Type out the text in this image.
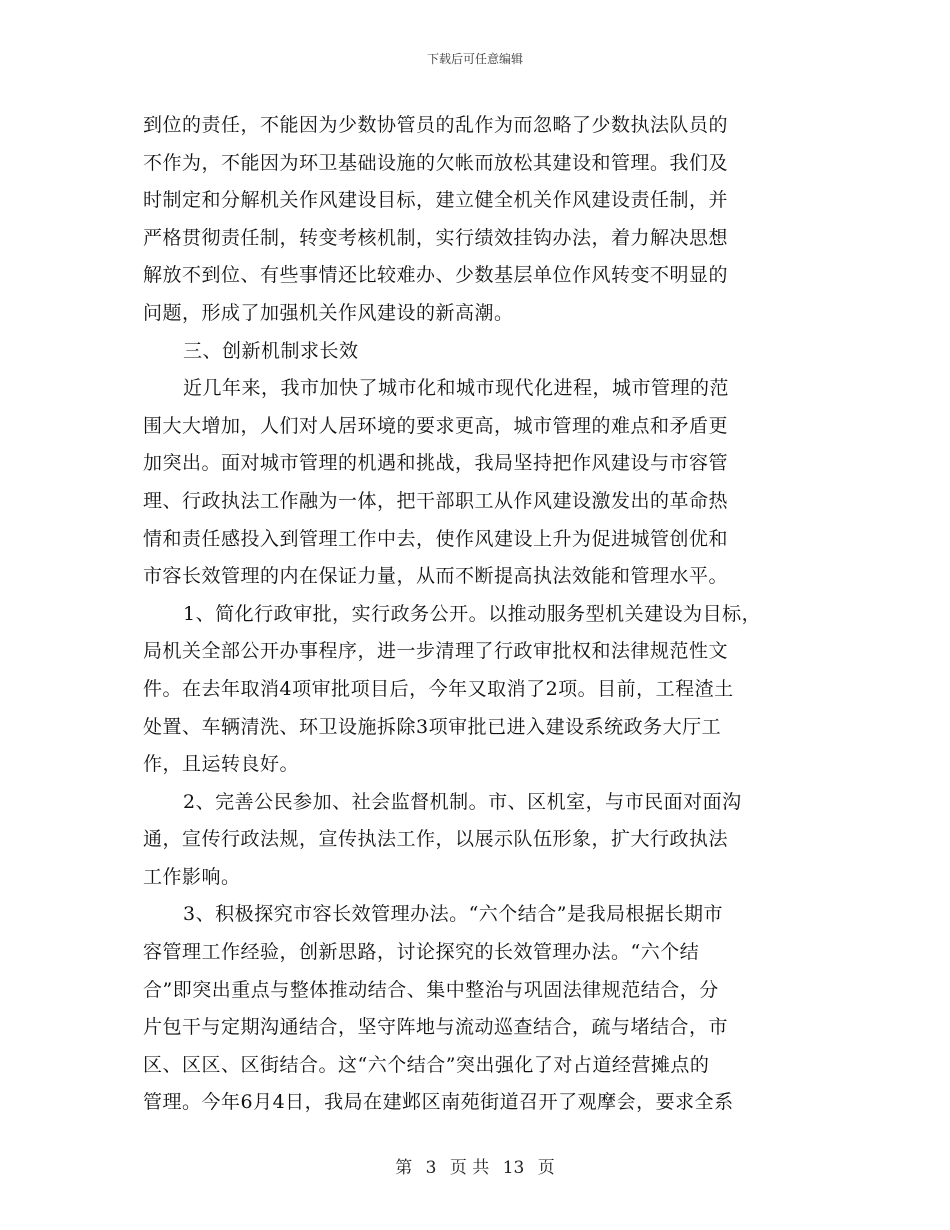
下载后可任意编辑
到位的责任，不能因为少数协管员的乱作为而忽略了少数执法队员的
不作为，不能因为环卫基础设施的欠帐而放松其建设和管理。我们及
时制定和分解机关作风建设目标，建立健全机关作风建设责任制，并
严格贯彻责任制，转变考核机制，实行绩效挂钩办法，着力解决思想
解放不到位、有些事情还比较难办、少数基层单位作风转变不明显的
问题，形成了加强机关作风建设的新高潮。
三、创新机制求长效
近几年来，我市加快了城市化和城市现代化进程，城市管理的范
围大大增加，人们对人居环境的要求更高，城市管理的难点和矛盾更
加突出。面对城市管理的机遇和挑战，我局坚持把作风建设与市容管
理、行政执法工作融为一体，把干部职工从作风建设激发出的革命热
情和责任感投入到管理工作中去，使作风建设上升为促进城管创优和
市容长效管理的内在保证力量，从而不断提高执法效能和管理水平。
1、简化行政审批，实行政务公开。以推动服务型机关建设为目标，
局机关全部公开办事程序，进一步清理了行政审批权和法律规范性文
件。在去年取消4项审批项目后，今年又取消了2项。目前，工程渣土
处置、车辆清洗、环卫设施拆除3项审批已进入建设系统政务大厅工
作，且运转良好。
2、完善公民参加、社会监督机制。市、区机室，与市民面对面沟
通，宣传行政法规，宣传执法工作，以展示队伍形象，扩大行政执法
工作影响。
3、积极探究市容长效管理办法。“六个结合”是我局根据长期市
容管理工作经验，创新思路，讨论探究的长效管理办法。“六个结
合”即突出重点与整体推动结合、集中整治与巩固法律规范结合，分
片包干与定期沟通结合，坚守阵地与流动巡查结合，疏与堵结合，市
区、区区、区街结合。这“六个结合”突出强化了对占道经营摊点的
管理。今年6月4日，我局在建邺区南苑街道召开了观摩会，要求全系
第 3 页 共 13 页
